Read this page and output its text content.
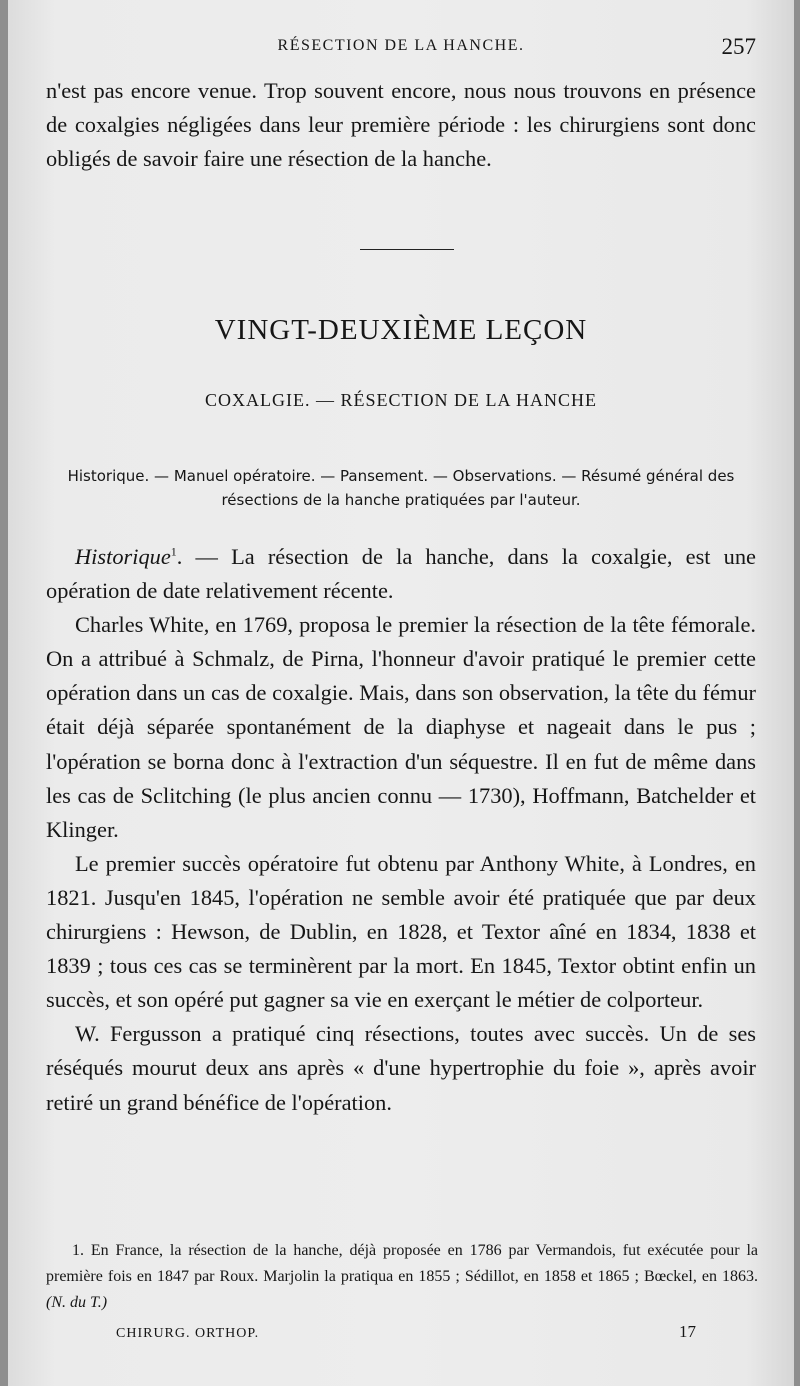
RÉSECTION DE LA HANCHE.	257

n'est pas encore venue. Trop souvent encore, nous nous trouvons en présence de coxalgies négligées dans leur première période : les chirurgiens sont donc obligés de savoir faire une résection de la hanche.

VINGT-DEUXIÈME LEÇON
COXALGIE. — RÉSECTION DE LA HANCHE
Historique. — Manuel opératoire. — Pansement. — Observations. — Résumé général des résections de la hanche pratiquées par l'auteur.

Historique$^1$. — La résection de la hanche, dans la coxalgie, est une opération de date relativement récente.

Charles White, en 1769, proposa le premier la résection de la tête fémorale. On a attribué à Schmalz, de Pirna, l'honneur d'avoir pratiqué le premier cette opération dans un cas de coxalgie. Mais, dans son observation, la tête du fémur était déjà séparée spontanément de la diaphyse et nageait dans le pus ; l'opération se borna donc à l'extraction d'un séquestre. Il en fut de même dans les cas de Sclitching (le plus ancien connu — 1730), Hoffmann, Batchelder et Klinger.

Le premier succès opératoire fut obtenu par Anthony White, à Londres, en 1821. Jusqu'en 1845, l'opération ne semble avoir été pratiquée que par deux chirurgiens : Hewson, de Dublin, en 1828, et Textor aîné en 1834, 1838 et 1839 ; tous ces cas se terminèrent par la mort. En 1845, Textor obtint enfin un succès, et son opéré put gagner sa vie en exerçant le métier de colporteur.

W. Fergusson a pratiqué cinq résections, toutes avec succès. Un de ses réséqués mourut deux ans après « d'une hypertrophie du foie », après avoir retiré un grand bénéfice de l'opération.

1. En France, la résection de la hanche, déjà proposée en 1786 par Vermandois, fut exécutée pour la première fois en 1847 par Roux. Marjolin la pratiqua en 1855 ; Sédillot, en 1858 et 1865 ; Bœckel, en 1863. (N. du T.)

CHIRURG. ORTHOP.	17
